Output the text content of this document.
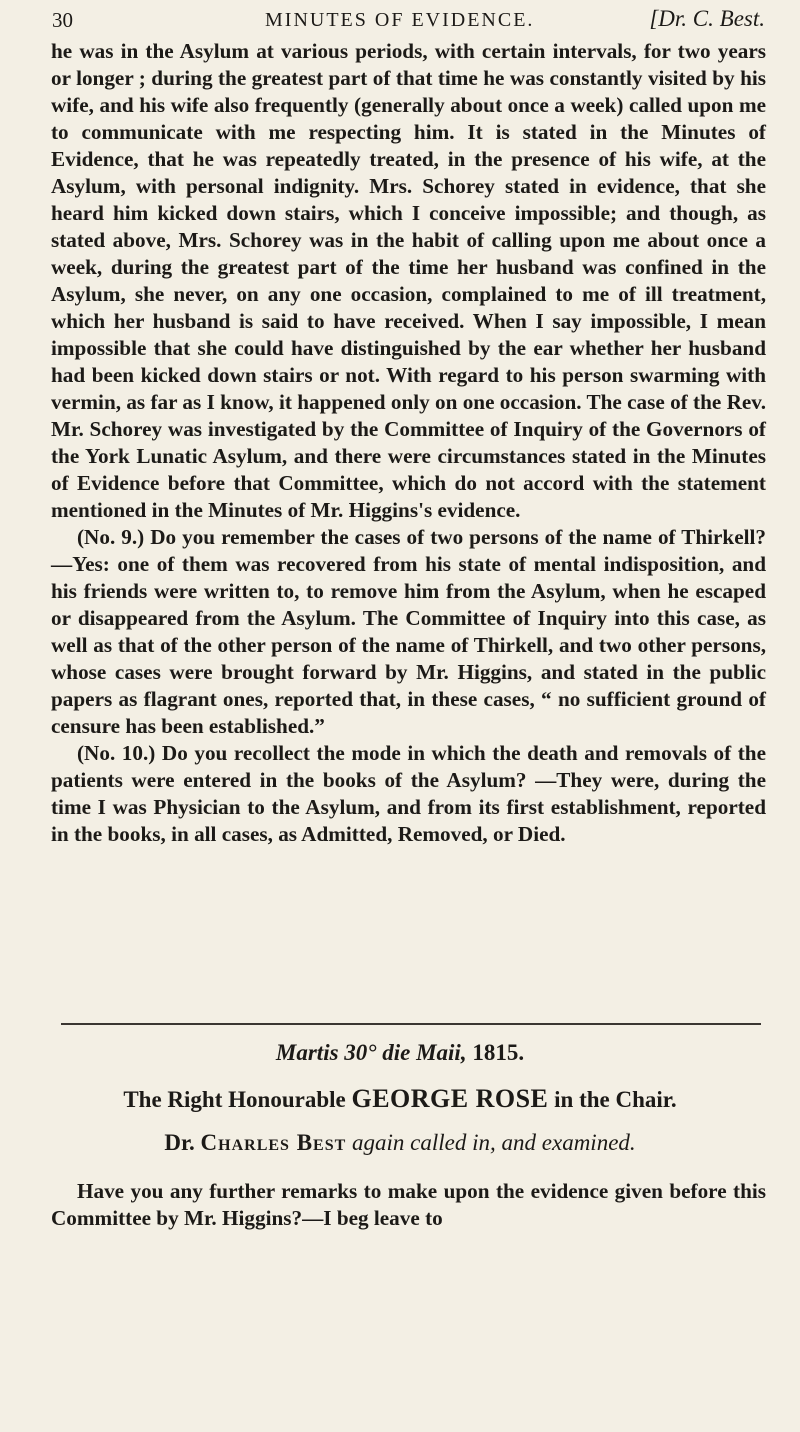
30	MINUTES OF EVIDENCE.	[Dr. C. Best.

he was in the Asylum at various periods, with certain intervals, for two years or longer ; during the greatest part of that time he was constantly visited by his wife, and his wife also frequently (generally about once a week) called upon me to communicate with me respecting him. It is stated in the Minutes of Evidence, that he was repeatedly treated, in the presence of his wife, at the Asylum, with personal indignity. Mrs. Schorey stated in evidence, that she heard him kicked down stairs, which I conceive impossible; and though, as stated above, Mrs. Schorey was in the habit of calling upon me about once a week, during the greatest part of the time her husband was confined in the Asylum, she never, on any one occasion, complained to me of ill treatment, which her husband is said to have received. When I say impossible, I mean impossible that she could have distinguished by the ear whether her husband had been kicked down stairs or not. With regard to his person swarming with vermin, as far as I know, it happened only on one occasion. The case of the Rev. Mr. Schorey was investigated by the Committee of Inquiry of the Governors of the York Lunatic Asylum, and there were circumstances stated in the Minutes of Evidence before that Committee, which do not accord with the statement mentioned in the Minutes of Mr. Higgins's evidence.

(No. 9.) Do you remember the cases of two persons of the name of Thirkell?—Yes: one of them was recovered from his state of mental indisposition, and his friends were written to, to remove him from the Asylum, when he escaped or disappeared from the Asylum. The Committee of Inquiry into this case, as well as that of the other person of the name of Thirkell, and two other persons, whose cases were brought forward by Mr. Higgins, and stated in the public papers as flagrant ones, reported that, in these cases, “ no sufficient ground of censure has been established.”

(No. 10.) Do you recollect the mode in which the death and removals of the patients were entered in the books of the Asylum? —They were, during the time I was Physician to the Asylum, and from its first establishment, reported in the books, in all cases, as Admitted, Removed, or Died.

Martis 30° die Maii, 1815.
The Right Honourable GEORGE ROSE in the Chair.
Dr. Charles Best again called in, and examined.
Have you any further remarks to make upon the evidence given before this Committee by Mr. Higgins?—I beg leave to
